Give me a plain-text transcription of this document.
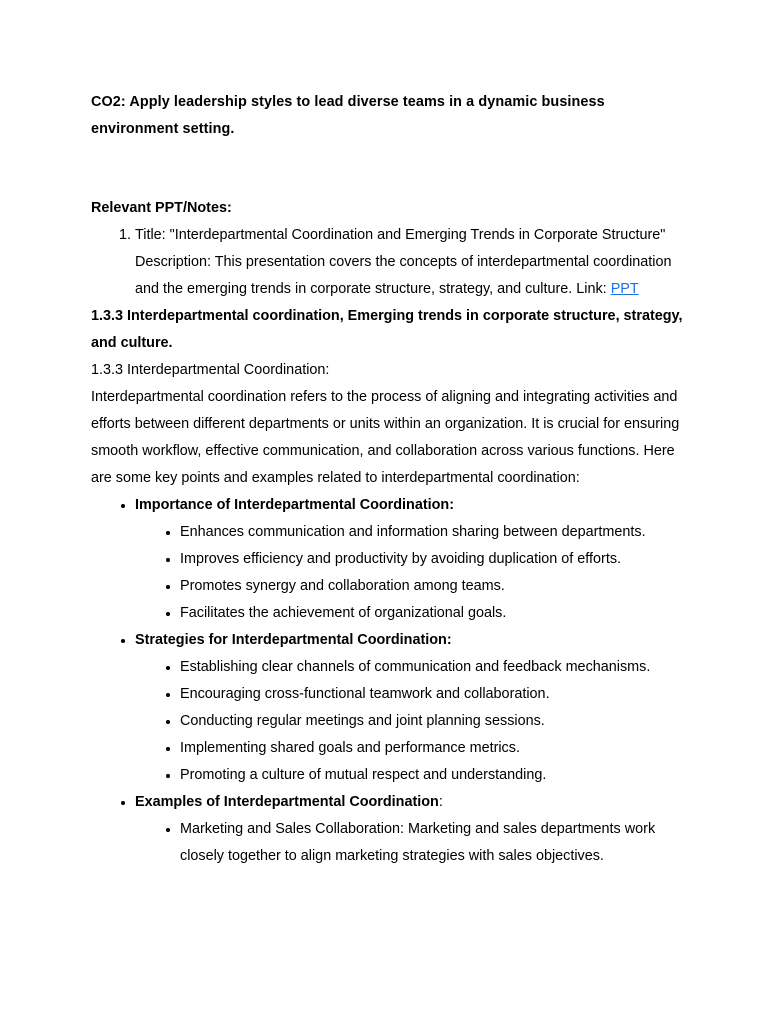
CO2: Apply leadership styles to lead diverse teams in a dynamic business environment setting.

Relevant PPT/Notes:

1. Title: "Interdepartmental Coordination and Emerging Trends in Corporate Structure" Description: This presentation covers the concepts of interdepartmental coordination and the emerging trends in corporate structure, strategy, and culture. Link: PPT

1.3.3 Interdepartmental coordination, Emerging trends in corporate structure, strategy, and culture.

1.3.3 Interdepartmental Coordination:

Interdepartmental coordination refers to the process of aligning and integrating activities and efforts between different departments or units within an organization. It is crucial for ensuring smooth workflow, effective communication, and collaboration across various functions. Here are some key points and examples related to interdepartmental coordination:

• Importance of Interdepartmental Coordination:
• Enhances communication and information sharing between departments.
• Improves efficiency and productivity by avoiding duplication of efforts.
• Promotes synergy and collaboration among teams.
• Facilitates the achievement of organizational goals.
• Strategies for Interdepartmental Coordination:
• Establishing clear channels of communication and feedback mechanisms.
• Encouraging cross-functional teamwork and collaboration.
• Conducting regular meetings and joint planning sessions.
• Implementing shared goals and performance metrics.
• Promoting a culture of mutual respect and understanding.
• Examples of Interdepartmental Coordination:
• Marketing and Sales Collaboration: Marketing and sales departments work closely together to align marketing strategies with sales objectives.
